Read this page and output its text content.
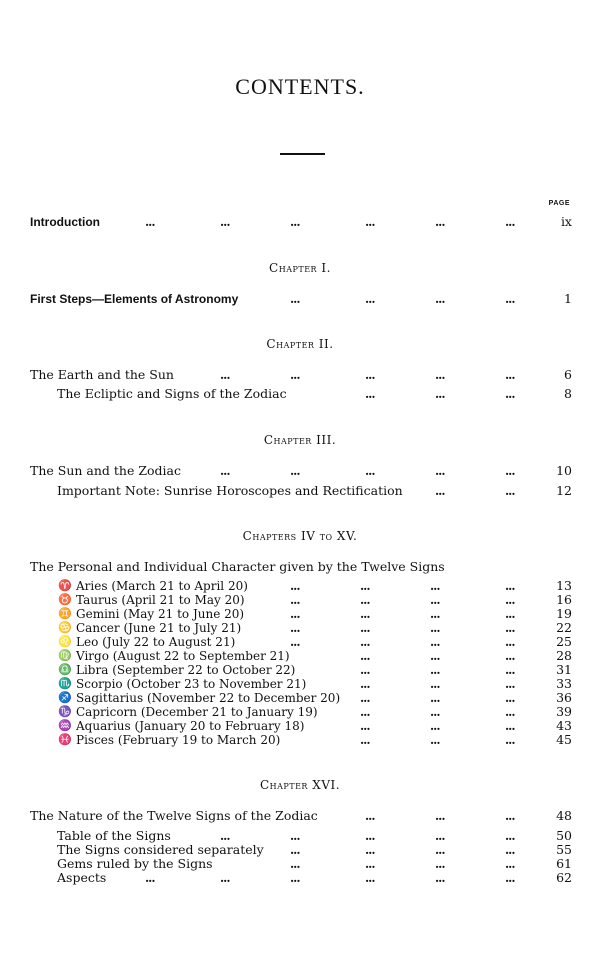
CONTENTS.
PAGE
Chapter I.
Chapter II.
Chapter III.
Chapters IV to XV.
Chapter XVI.
Introduction	...	...	...	...	...	...	ix
First Steps—Elements of Astronomy	...	...	...	...	1
The Earth and the Sun	...	...	...	...	...	6
The Ecliptic and Signs of the Zodiac	...	...	...	8
The Sun and the Zodiac	...	...	...	...	...	10
Important Note: Sunrise Horoscopes and Rectification	...	...	12
The Personal and Individual Character given by the Twelve Signs
The Nature of the Twelve Signs of the Zodiac	...	...	...	48
Table of the Signs	...	...	...	...	...	50
The Signs considered separately ...	...	...	...	55
Gems ruled by the Signs	...	...	...	...	61
Aspects	...	...	...	...	...	...	62
♈ Aries (March 21 to April 20)	...	...	...	...	13
♉ Taurus (April 21 to May 20)	...	...	...	...	16
♊ Gemini (May 21 to June 20)	...	...	...	...	19
♋ Cancer (June 21 to July 21)	...	...	...	...	22
♌ Leo (July 22 to August 21)	...	...	...	...	25
♍ Virgo (August 22 to September 21)	...	...	...	28
♎ Libra (September 22 to October 22)	...	...	...	31
♏ Scorpio (October 23 to November 21)	...	...	...	33
♐ Sagittarius (November 22 to December 20) ...	...	...	36
♑ Capricorn (December 21 to January 19)	...	...	...	39
♒ Aquarius (January 20 to February 18)	...	...	...	43
♓ Pisces (February 19 to March 20)	...	...	...	45
